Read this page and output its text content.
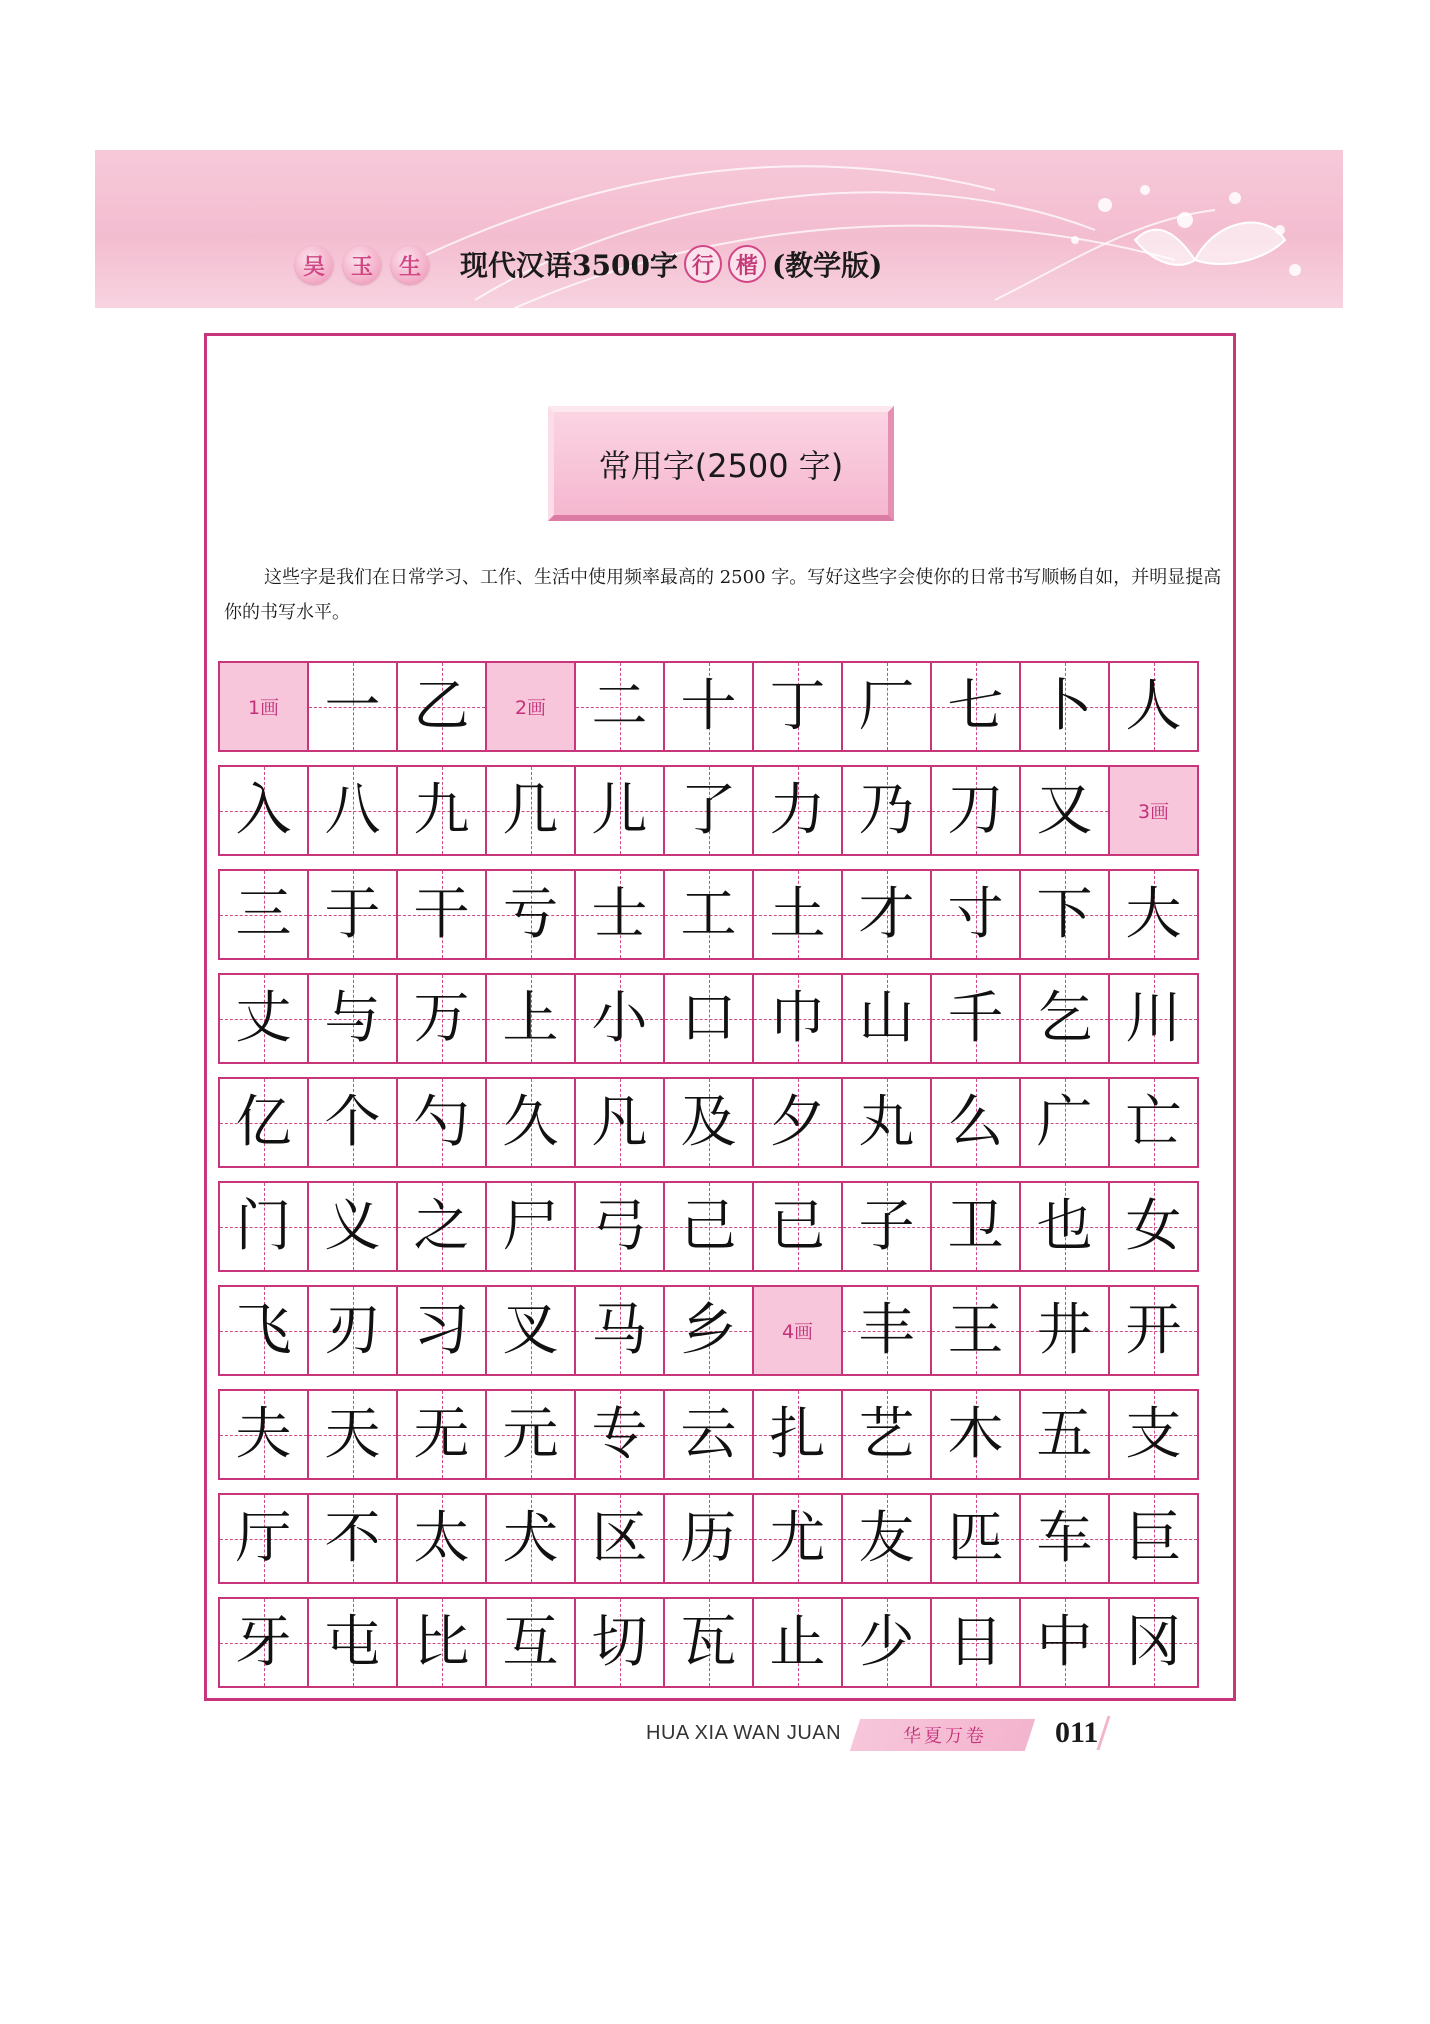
吴	玉	生 现代汉语3500字 行 楷 (教学版)
常用字(2500 字)

这些字是我们在日常学习、工作、生活中使用频率最高的 2500 字。写好这些字会使你的日常书写顺畅自如，并明显提高你的书写水平。

1画 一 乙 2画 二 十 丁 厂 七 卜 人
入 八 九 几 儿 了 力 乃 刀 又 3画
三 于 干 亏 士 工 土 才 寸 下 大
丈 与 万 上 小 口 巾 山 千 乞 川
亿 个 勺 久 凡 及 夕 丸 么 广 亡
门 义 之 尸 弓 己 已 子 卫 也 女
飞 刃 习 叉 马 乡 4画 丰 王 井 开
夫 天 无 元 专 云 扎 艺 木 五 支
厅 不 太 犬 区 历 尤 友 匹 车 巨
牙 屯 比 互 切 瓦 止 少 日 中 冈
HUA XIA WAN JUAN	华夏万卷	011
